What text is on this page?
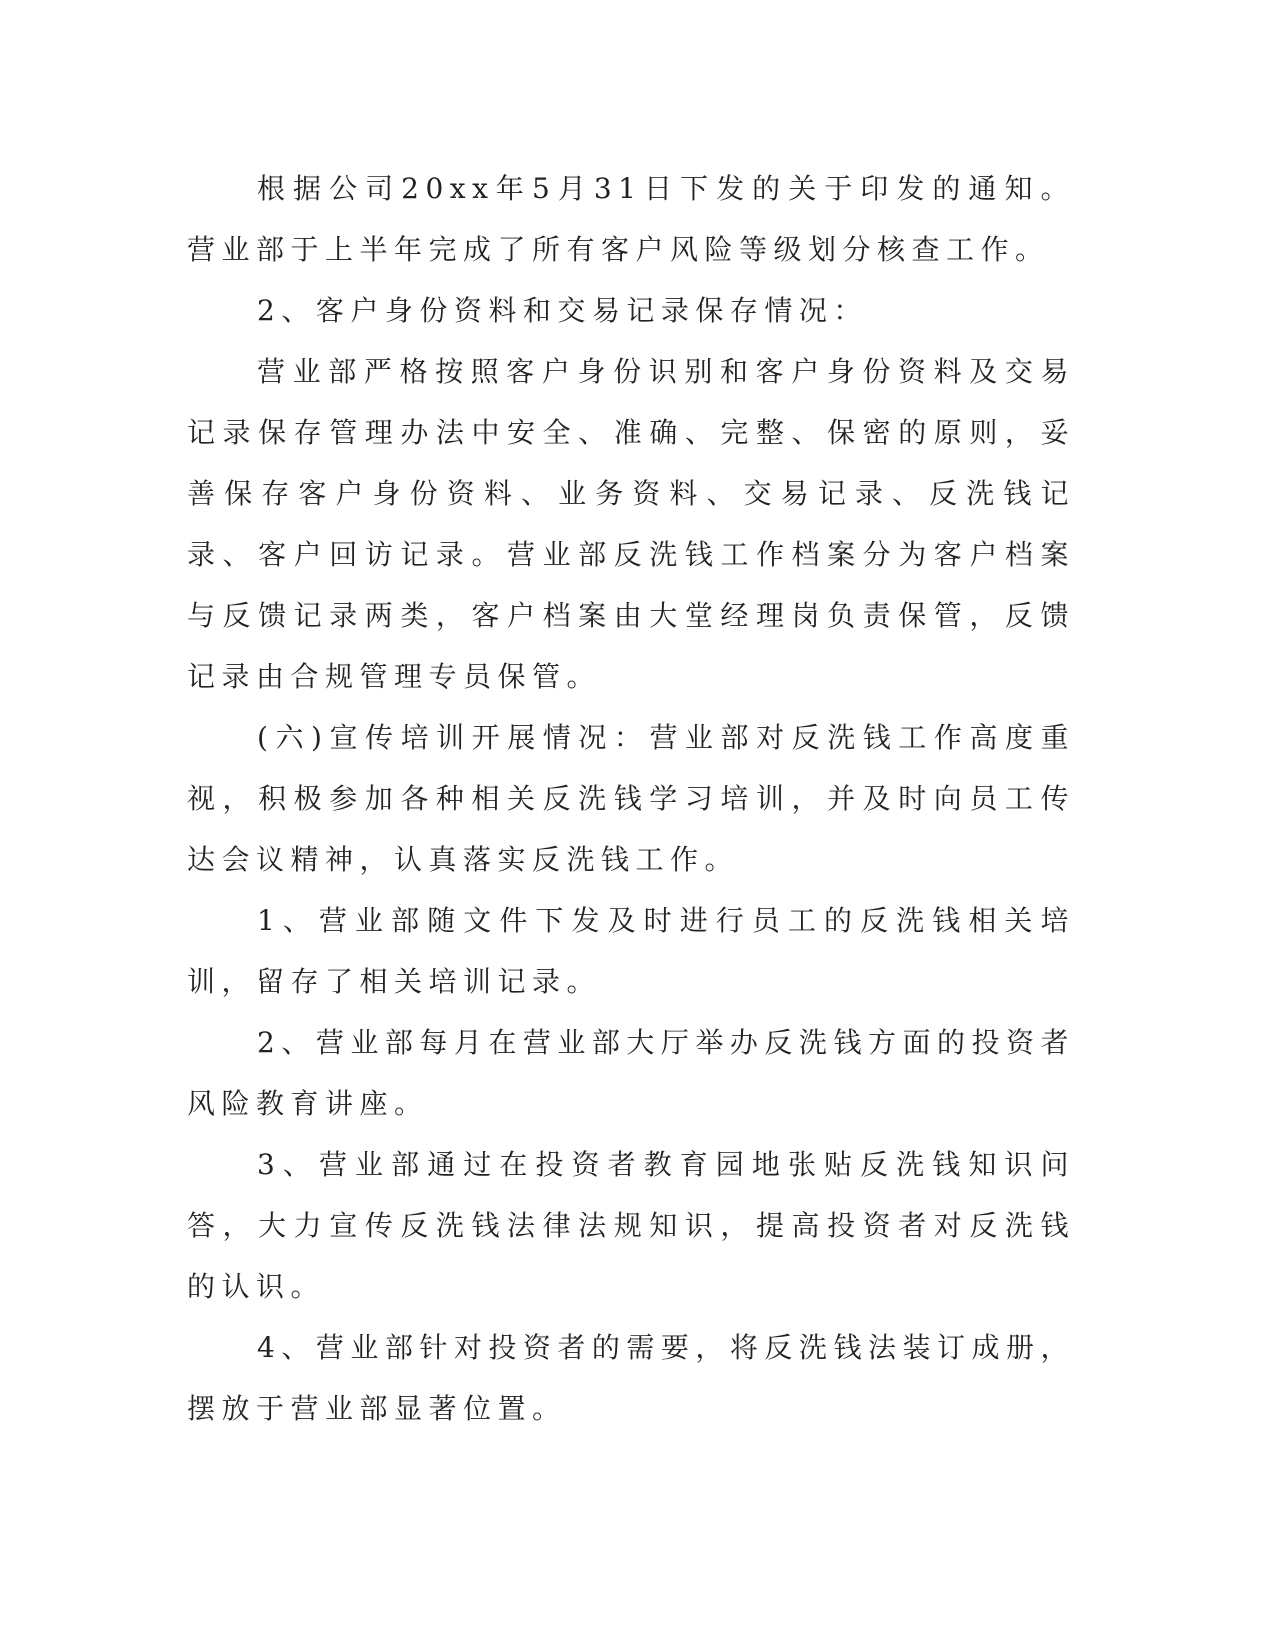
根据公司20xx年5月31日下发的关于印发的通知。营业部于上半年完成了所有客户风险等级划分核查工作。

2、客户身份资料和交易记录保存情况：

营业部严格按照客户身份识别和客户身份资料及交易记录保存管理办法中安全、准确、完整、保密的原则，妥善保存客户身份资料、业务资料、交易记录、反洗钱记录、客户回访记录。营业部反洗钱工作档案分为客户档案与反馈记录两类，客户档案由大堂经理岗负责保管，反馈记录由合规管理专员保管。

(六)宣传培训开展情况：营业部对反洗钱工作高度重视，积极参加各种相关反洗钱学习培训，并及时向员工传达会议精神，认真落实反洗钱工作。

1、营业部随文件下发及时进行员工的反洗钱相关培训，留存了相关培训记录。

2、营业部每月在营业部大厅举办反洗钱方面的投资者风险教育讲座。

3、营业部通过在投资者教育园地张贴反洗钱知识问答，大力宣传反洗钱法律法规知识，提高投资者对反洗钱的认识。

4、营业部针对投资者的需要，将反洗钱法装订成册，摆放于营业部显著位置。
